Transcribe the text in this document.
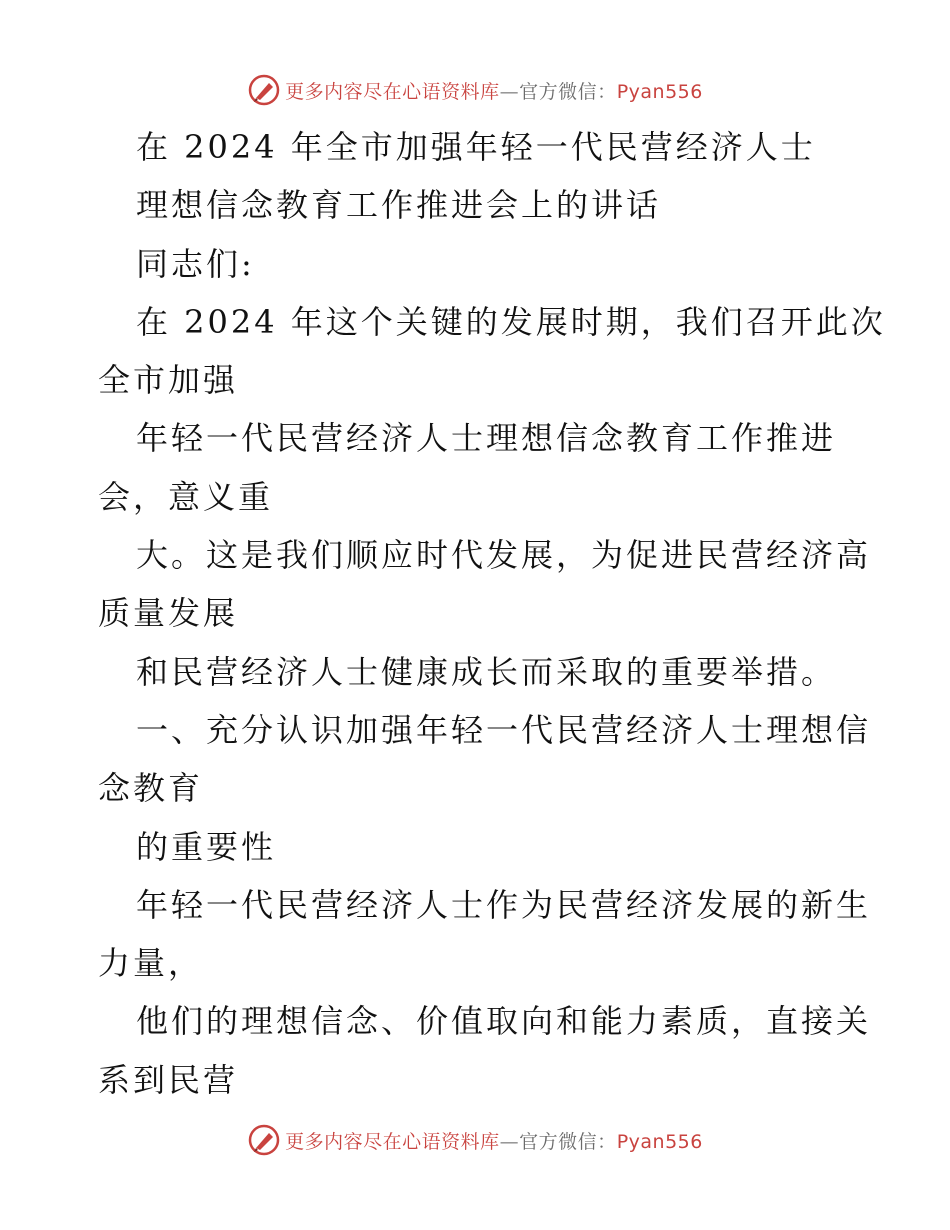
更多内容尽在心语资料库—官方微信：Pyan556
在 2024 年全市加强年轻一代民营经济人士
理想信念教育工作推进会上的讲话
同志们:
在 2024 年这个关键的发展时期，我们召开此次
全市加强
年轻一代民营经济人士理想信念教育工作推进
会，意义重
大。这是我们顺应时代发展，为促进民营经济高
质量发展
和民营经济人士健康成长而采取的重要举措。
一、充分认识加强年轻一代民营经济人士理想信
念教育
的重要性
年轻一代民营经济人士作为民营经济发展的新生
力量，
他们的理想信念、价值取向和能力素质，直接关
系到民营
更多内容尽在心语资料库—官方微信：Pyan556
